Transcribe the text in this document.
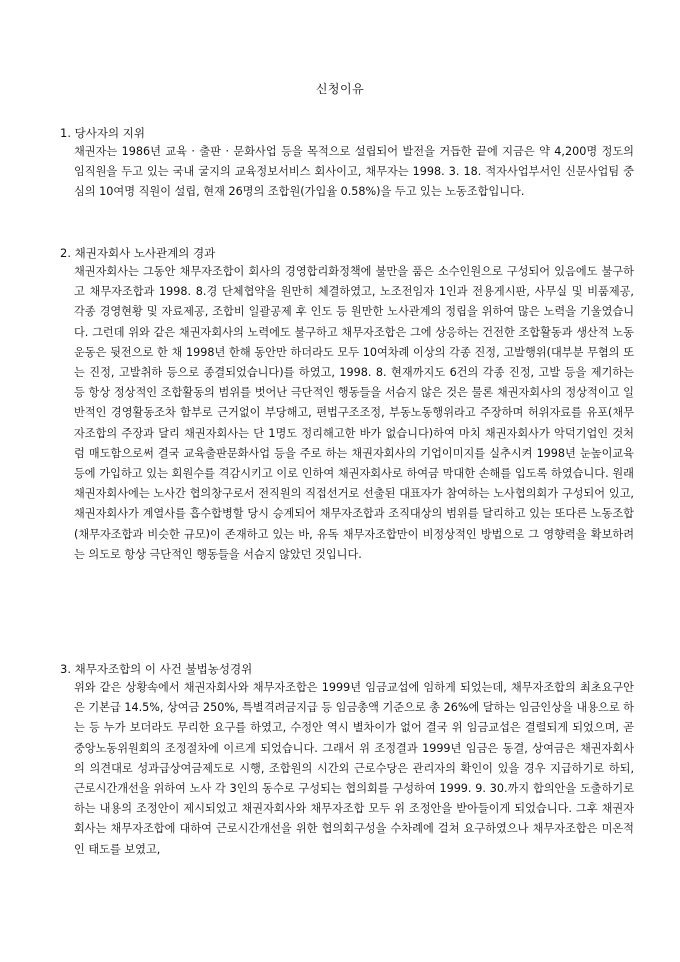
신청이유
1. 당사자의 지위
채권자는 1986년 교육 · 출판 · 문화사업 등을 목적으로 설립되어 발전을 거듭한 끝에 지금은 약 4,200명 정도의 임직원을 두고 있는 국내 굴지의 교육정보서비스 회사이고, 채무자는 1998. 3. 18. 적자사업부서인 신문사업팀 중심의 10여명 직원이 설립, 현재 26명의 조합원(가입율 0.58%)을 두고 있는 노동조합입니다.
2. 채권자회사 노사관계의 경과
채권자회사는 그동안 채무자조합이 회사의 경영합리화정책에 불만을 품은 소수인원으로 구성되어 있음에도 불구하고 채무자조합과 1998. 8.경 단체협약을 원만히 체결하였고, 노조전임자 1인과 전용게시판, 사무실 및 비품제공, 각종 경영현황 및 자료제공, 조합비 일괄공제 후 인도 등 원만한 노사관계의 정립을 위하여 많은 노력을 기울였습니다. 그런데 위와 같은 채권자회사의 노력에도 불구하고 채무자조합은 그에 상응하는 건전한 조합활동과 생산적 노동운동은 뒷전으로 한 채 1998년 한해 동안만 하더라도 모두 10여차례 이상의 각종 진정, 고발행위(대부분 무혐의 또는 진정, 고발취하 등으로 종결되었습니다)를 하였고, 1998. 8. 현재까지도 6건의 각종 진정, 고발 등을 제기하는 등 항상 정상적인 조합활동의 범위를 벗어난 극단적인 행동들을 서슴지 않은 것은 물론 채권자회사의 정상적이고 일반적인 경영활동조차 함부로 근거없이 부당해고, 편법구조조정, 부동노동행위라고 주장하며 허위자료를 유포(채무자조합의 주장과 달리 채권자회사는 단 1명도 정리해고한 바가 없습니다)하여 마치 채권자회사가 악덕기업인 것처럼 매도함으로써 결국 교육출판문화사업 등을 주로 하는 채권자회사의 기업이미지를 실추시켜 1998년 눈높이교육 등에 가입하고 있는 회원수를 격감시키고 이로 인하여 채권자회사로 하여금 막대한 손해를 입도록 하였습니다. 원래 채권자회사에는 노사간 협의창구로서 전직원의 직접선거로 선출된 대표자가 참여하는 노사협의회가 구성되어 있고, 채권자회사가 계열사를 흡수합병할 당시 승계되어 채무자조합과 조직대상의 범위를 달리하고 있는 또다른 노동조합(채무자조합과 비슷한 규모)이 존재하고 있는 바, 유독 채무자조합만이 비정상적인 방법으로 그 영향력을 확보하려는 의도로 항상 극단적인 행동들을 서슴지 않았던 것입니다.
3. 채무자조합의 이 사건 불법농성경위
위와 같은 상황속에서 채권자회사와 채무자조합은 1999년 임금교섭에 임하게 되었는데, 채무자조합의 최초요구안은 기본급 14.5%, 상여금 250%, 특별격려금지급 등 임금총액 기준으로 총 26%에 달하는 임금인상을 내용으로 하는 등 누가 보더라도 무리한 요구를 하였고, 수정안 역시 별차이가 없어 결국 위 임금교섭은 결렬되게 되었으며, 곧 중앙노동위원회의 조정절차에 이르게 되었습니다. 그래서 위 조정결과 1999년 임금은 동결, 상여금은 채권자회사의 의견대로 성과급상여금제도로 시행, 조합원의 시간외 근로수당은 관리자의 확인이 있을 경우 지급하기로 하되, 근로시간개선을 위하여 노사 각 3인의 동수로 구성되는 협의회를 구성하여 1999. 9. 30.까지 합의안을 도출하기로 하는 내용의 조정안이 제시되었고 채권자회사와 채무자조합 모두 위 조정안을 받아들이게 되었습니다. 그후 채권자회사는 채무자조합에 대하여 근로시간개선을 위한 협의회구성을 수차례에 걸쳐 요구하였으나 채무자조합은 미온적인 태도를 보였고,
